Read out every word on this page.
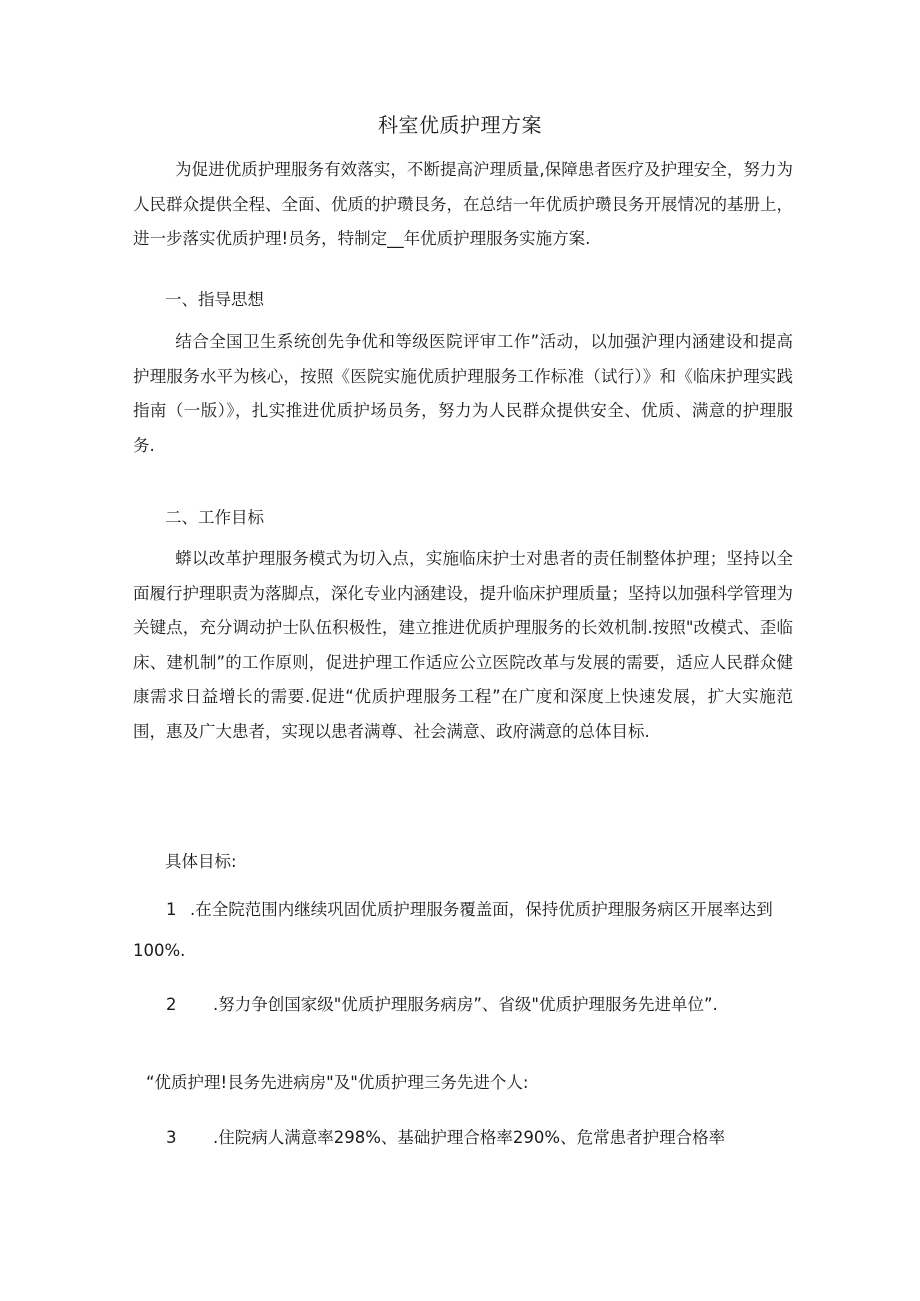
科室优质护理方案

为促进优质护理服务有效落实，不断提高沪理质量,保障患者医疗及护理安全，努力为人民群众提供全程、全面、优质的护瓒艮务，在总结一年优质护瓒艮务开展情况的基册上，进一步落实优质护理!员务，特制定__年优质护理服务实施方案.

一、指导思想

结合全国卫生系统创先争优和等级医院评审工作”活动，以加强沪理内涵建设和提高护理服务水平为核心，按照《医院实施优质护理服务工作标准（试行）》和《临床护理实践指南（一版）》，扎实推进优质护场员务，努力为人民群众提供安全、优质、满意的护理服务.

二、工作目标

蟒以改革护理服务模式为切入点，实施临床护士对患者的责任制整体护理；坚持以全面履行护理职责为落脚点，深化专业内涵建设，提升临床护理质量；坚持以加强科学管理为关键点，充分调动护士队伍积极性，建立推进优质护理服务的长效机制.按照"改模式、歪临床、建机制”的工作原则，促进护理工作适应公立医院改革与发展的需要，适应人民群众健康需求日益增长的需要.促进“优质护理服务工程”在广度和深度上快速发展，扩大实施范围，惠及广大患者，实现以患者满尊、社会满意、政府满意的总体目标.

具体目标:
1 .在全院范围内继续巩固优质护理服务覆盖面，保持优质护理服务病区开展率达到
100%.
2 .努力争创国家级"优质护理服务病房”、省级"优质护理服务先进单位”.
“优质护理!艮务先进病房"及"优质护理三务先进个人:
3 .住院病人满意率298%、基础护理合格率290%、危常患者护理合格率
